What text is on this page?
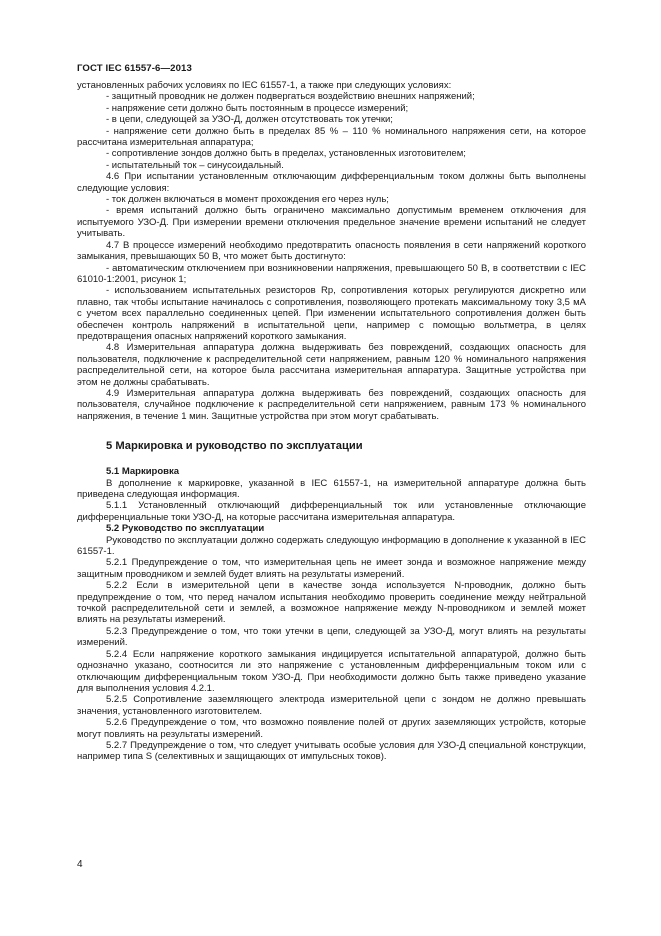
ГОСТ IEC 61557-6—2013

установленных рабочих условиях по IEC 61557-1, а также при следующих условиях:

- защитный проводник не должен подвергаться воздействию внешних напряжений;

- напряжение сети должно быть постоянным в процессе измерений;

- в цепи, следующей за УЗО-Д, должен отсутствовать ток утечки;

- напряжение сети должно быть в пределах 85 % – 110 % номинального напряжения сети, на которое рассчитана измерительная аппаратура;

- сопротивление зондов должно быть в пределах, установленных изготовителем;

- испытательный ток – синусоидальный.

4.6 При испытании установленным отключающим дифференциальным током должны быть выполнены следующие условия:

- ток должен включаться в момент прохождения его через нуль;

- время испытаний должно быть ограничено максимально допустимым временем отключения для испытуемого УЗО-Д. При измерении времени отключения предельное значение времени испытаний не следует учитывать.

4.7 В процессе измерений необходимо предотвратить опасность появления в сети напряжений короткого замыкания, превышающих 50 В, что может быть достигнуто:

- автоматическим отключением при возникновении напряжения, превышающего 50 В, в соответствии с IEC 61010-1:2001, рисунок 1;

- использованием испытательных резисторов Rp, сопротивления которых регулируются дискретно или плавно, так чтобы испытание начиналось с сопротивления, позволяющего протекать максимальному току 3,5 мА с учетом всех параллельно соединенных цепей. При изменении испытательного сопротивления должен быть обеспечен контроль напряжений в испытательной цепи, например с помощью вольтметра, в целях предотвращения опасных напряжений короткого замыкания.

4.8 Измерительная аппаратура должна выдерживать без повреждений, создающих опасность для пользователя, подключение к распределительной сети напряжением, равным 120 % номинального напряжения распределительной сети, на которое была рассчитана измерительная аппаратура. Защитные устройства при этом не должны срабатывать.

4.9 Измерительная аппаратура должна выдерживать без повреждений, создающих опасность для пользователя, случайное подключение к распределительной сети напряжением, равным 173 % номинального напряжения, в течение 1 мин. Защитные устройства при этом могут срабатывать.

5 Маркировка и руководство по эксплуатации

5.1 Маркировка

В дополнение к маркировке, указанной в IEC 61557-1, на измерительной аппаратуре должна быть приведена следующая информация.

5.1.1 Установленный отключающий дифференциальный ток или установленные отключающие дифференциальные токи УЗО-Д, на которые рассчитана измерительная аппаратура.

5.2 Руководство по эксплуатации

Руководство по эксплуатации должно содержать следующую информацию в дополнение к указанной в IEC 61557-1.

5.2.1 Предупреждение о том, что измерительная цепь не имеет зонда и возможное напряжение между защитным проводником и землей будет влиять на результаты измерений.

5.2.2 Если в измерительной цепи в качестве зонда используется N-проводник, должно быть предупреждение о том, что перед началом испытания необходимо проверить соединение между нейтральной точкой распределительной сети и землей, а возможное напряжение между N-проводником и землей может влиять на результаты измерений.

5.2.3 Предупреждение о том, что токи утечки в цепи, следующей за УЗО-Д, могут влиять на результаты измерений.

5.2.4 Если напряжение короткого замыкания индицируется испытательной аппаратурой, должно быть однозначно указано, соотносится ли это напряжение с установленным дифференциальным током или с отключающим дифференциальным током УЗО-Д. При необходимости должно быть также приведено указание для выполнения условия 4.2.1.

5.2.5 Сопротивление заземляющего электрода измерительной цепи с зондом не должно превышать значения, установленного изготовителем.

5.2.6 Предупреждение о том, что возможно появление полей от других заземляющих устройств, которые могут повлиять на результаты измерений.

5.2.7 Предупреждение о том, что следует учитывать особые условия для УЗО-Д специальной конструкции, например типа S (селективных и защищающих от импульсных токов).

4
